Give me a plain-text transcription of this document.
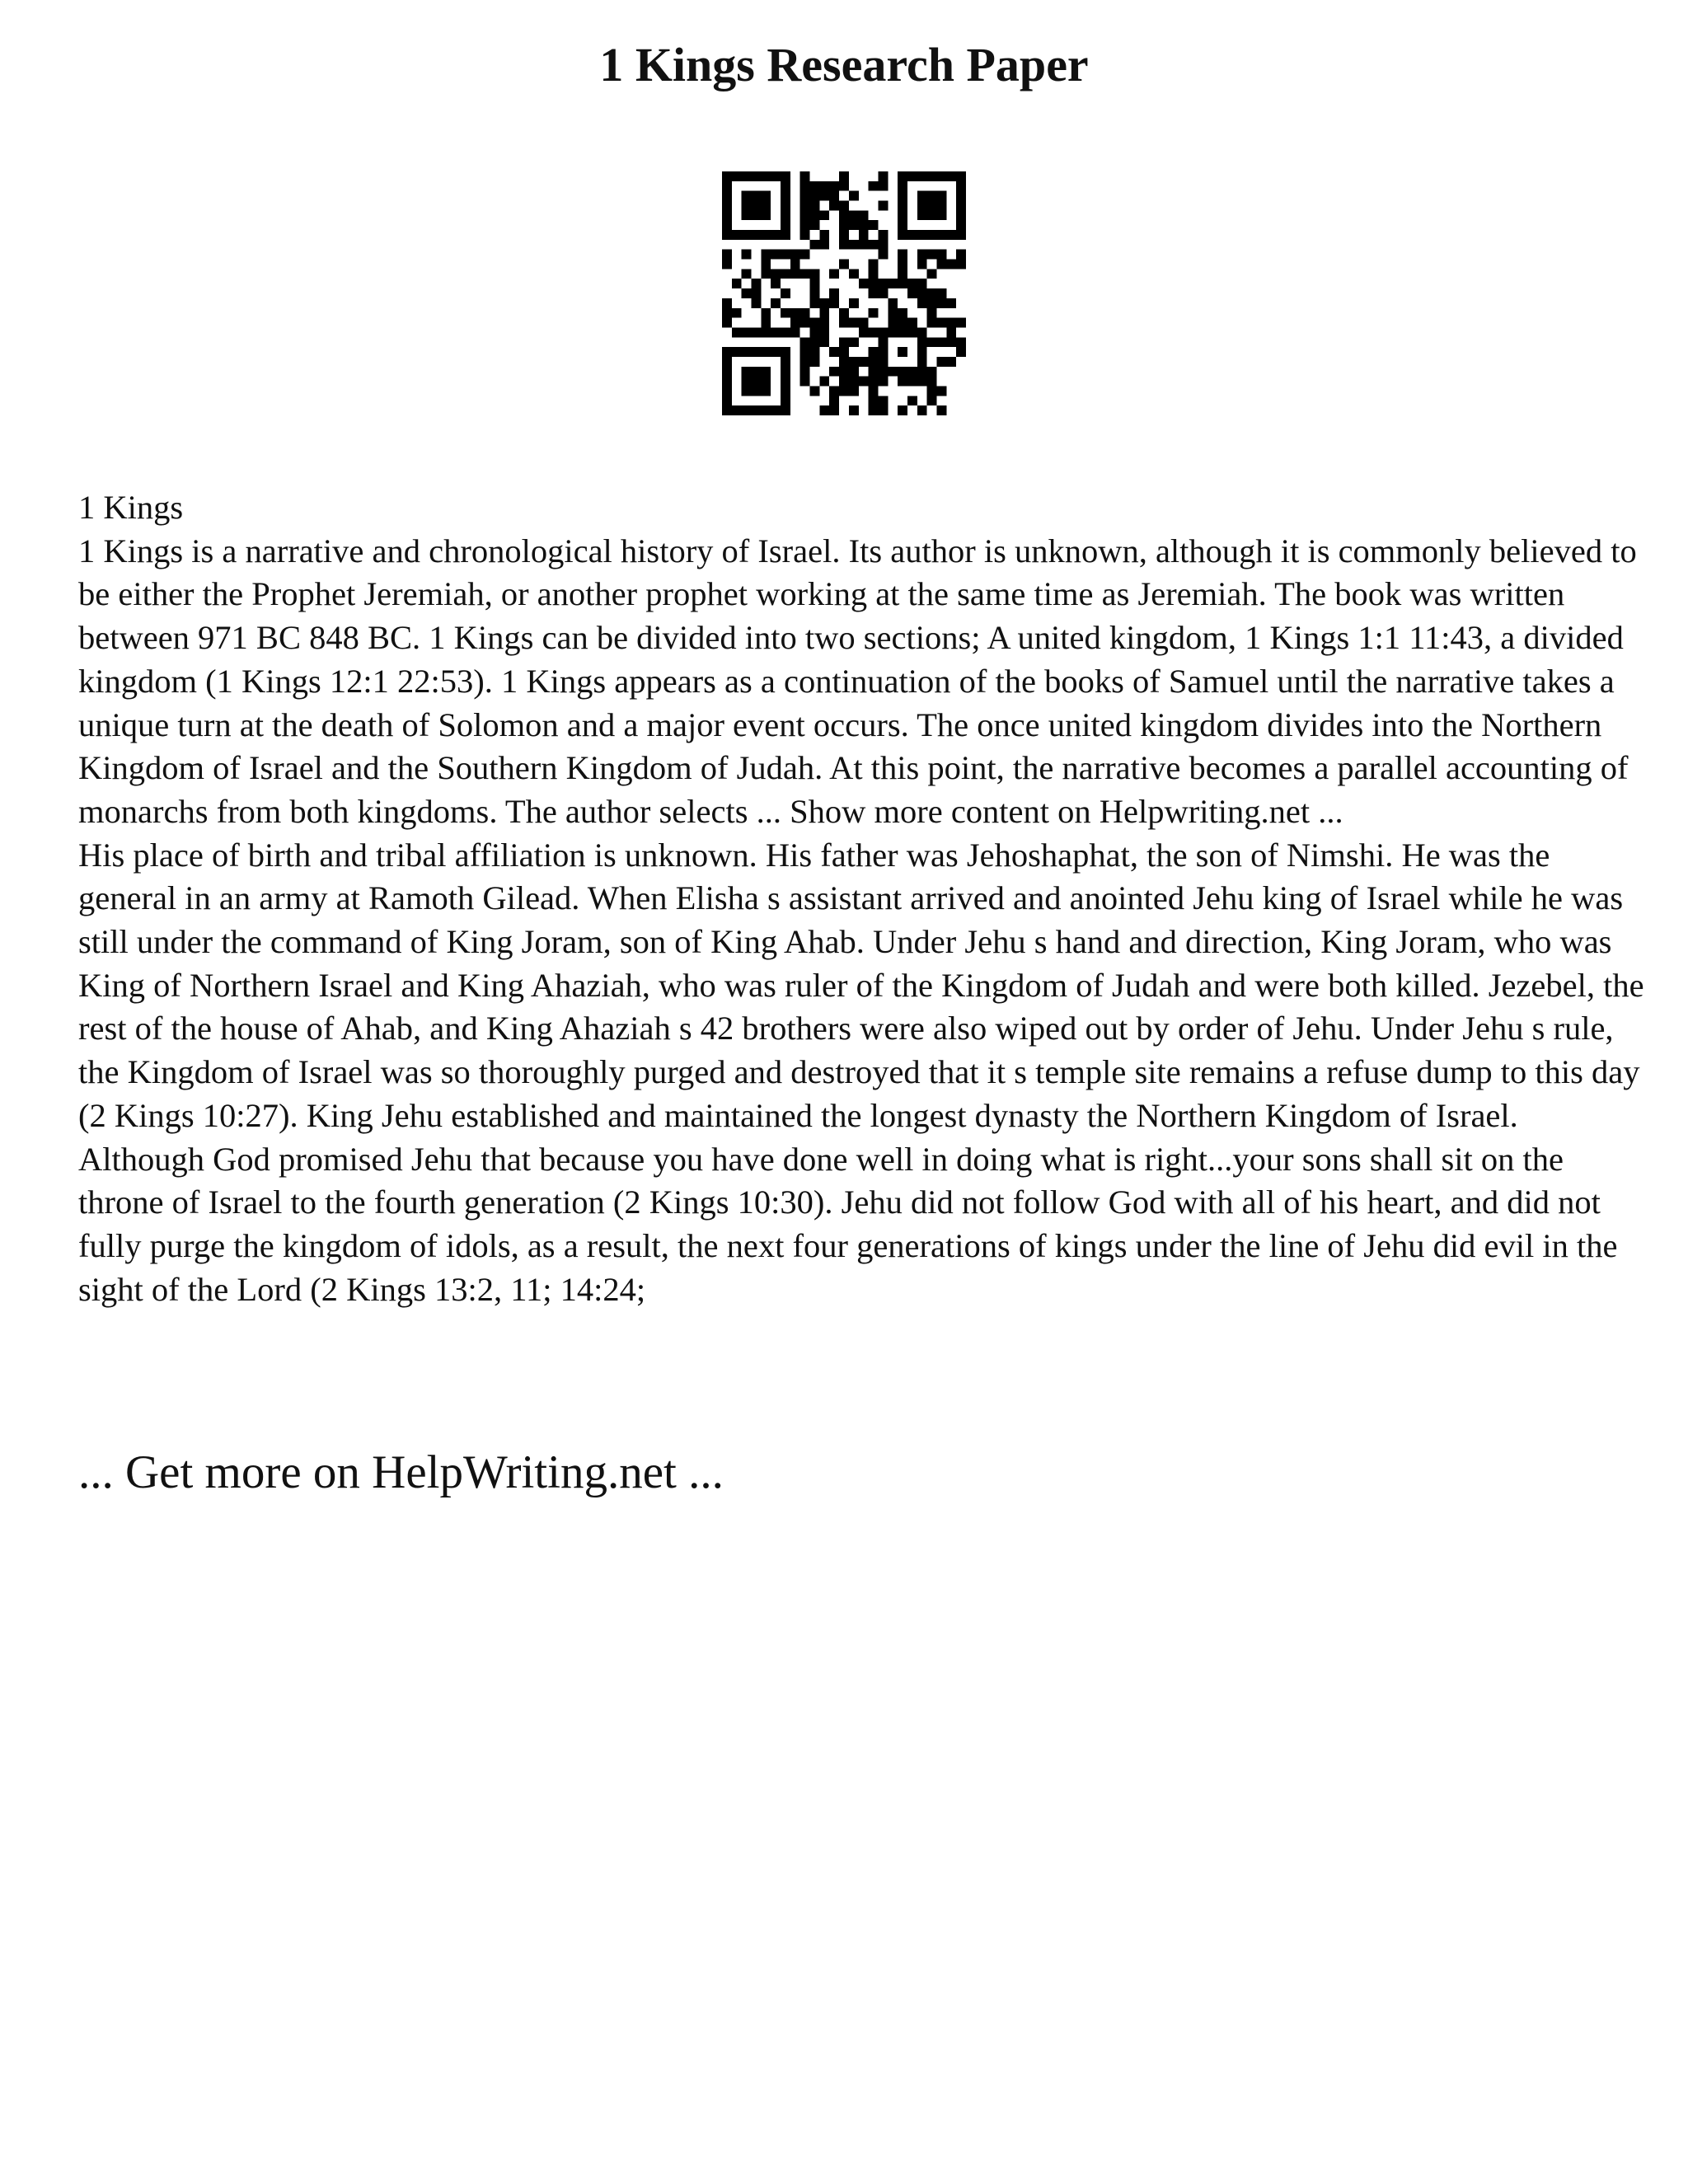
1 Kings Research Paper

1 Kings

1 Kings is a narrative and chronological history of Israel. Its author is unknown, although it is commonly believed to be either the Prophet Jeremiah, or another prophet working at the same time as Jeremiah. The book was written between 971 BC 848 BC. 1 Kings can be divided into two sections; A united kingdom, 1 Kings 1:1 11:43, a divided kingdom (1 Kings 12:1 22:53). 1 Kings appears as a continuation of the books of Samuel until the narrative takes a unique turn at the death of Solomon and a major event occurs. The once united kingdom divides into the Northern Kingdom of Israel and the Southern Kingdom of Judah. At this point, the narrative becomes a parallel accounting of monarchs from both kingdoms. The author selects ... Show more content on Helpwriting.net ...

His place of birth and tribal affiliation is unknown. His father was Jehoshaphat, the son of Nimshi. He was the general in an army at Ramoth Gilead. When Elisha s assistant arrived and anointed Jehu king of Israel while he was still under the command of King Joram, son of King Ahab. Under Jehu s hand and direction, King Joram, who was King of Northern Israel and King Ahaziah, who was ruler of the Kingdom of Judah and were both killed. Jezebel, the rest of the house of Ahab, and King Ahaziah s 42 brothers were also wiped out by order of Jehu. Under Jehu s rule, the Kingdom of Israel was so thoroughly purged and destroyed that it s temple site remains a refuse dump to this day (2 Kings 10:27). King Jehu established and maintained the longest dynasty the Northern Kingdom of Israel. Although God promised Jehu that because you have done well in doing what is right...your sons shall sit on the throne of Israel to the fourth generation (2 Kings 10:30). Jehu did not follow God with all of his heart, and did not fully purge the kingdom of idols, as a result, the next four generations of kings under the line of Jehu did evil in the sight of the Lord (2 Kings 13:2, 11; 14:24;

... Get more on HelpWriting.net ...
